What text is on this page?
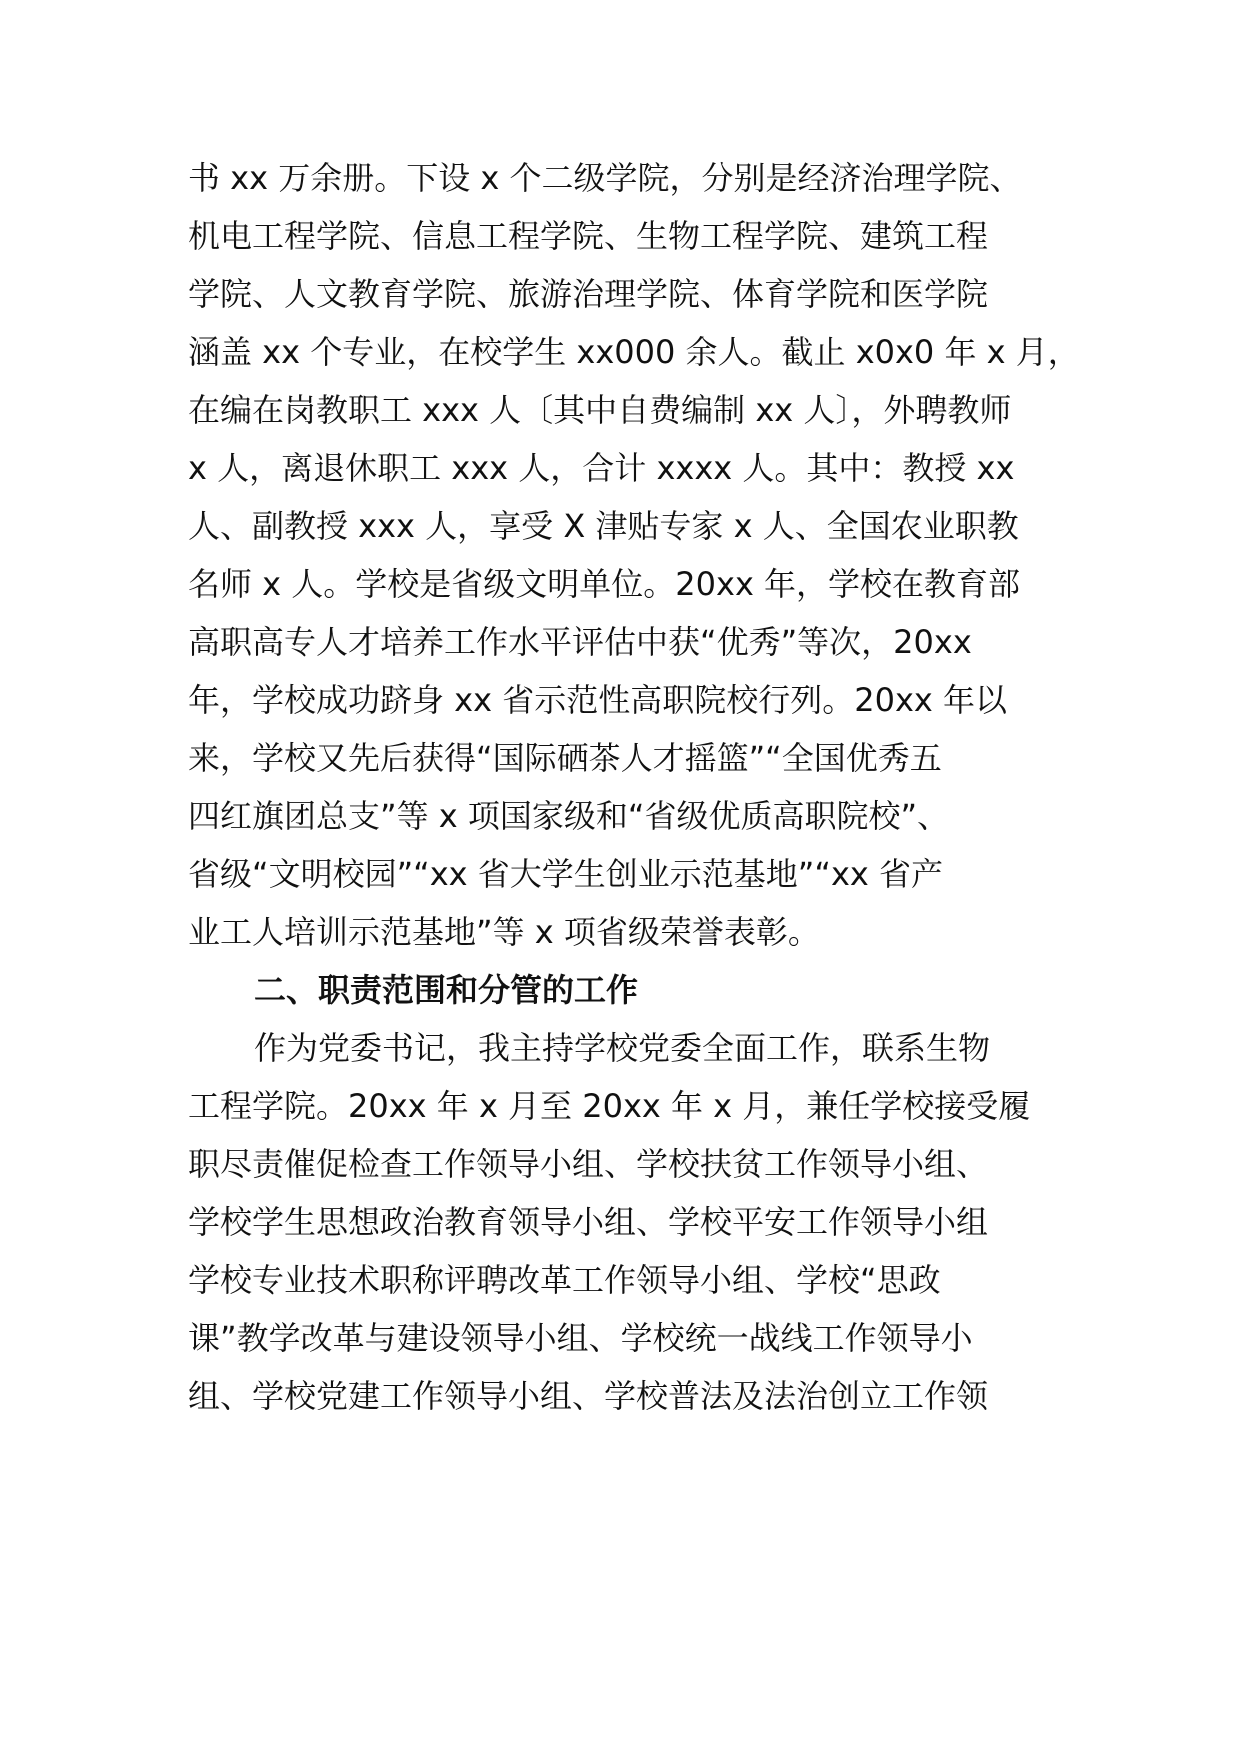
书 xx 万余册。下设 x 个二级学院，分别是经济治理学院、
机电工程学院、信息工程学院、生物工程学院、建筑工程
学院、人文教育学院、旅游治理学院、体育学院和医学院
涵盖 xx 个专业，在校学生 xx000 余人。截止 x0x0 年 x 月，
在编在岗教职工 xxx 人〔其中自费编制 xx 人〕，外聘教师
x 人，离退休职工 xxx 人，合计 xxxx 人。其中：教授 xx
人、副教授 xxx 人，享受 X 津贴专家 x 人、全国农业职教
名师 x 人。学校是省级文明单位。20xx 年，学校在教育部
高职高专人才培养工作水平评估中获“优秀”等次，20xx
年，学校成功跻身 xx 省示范性高职院校行列。20xx 年以
来，学校又先后获得“国际硒茶人才摇篮”“全国优秀五
四红旗团总支”等 x 项国家级和“省级优质高职院校”、
省级“文明校园”“xx 省大学生创业示范基地”“xx 省产
业工人培训示范基地”等 x 项省级荣誉表彰。
二、职责范围和分管的工作
作为党委书记，我主持学校党委全面工作，联系生物
工程学院。20xx 年 x 月至 20xx 年 x 月，兼任学校接受履
职尽责催促检查工作领导小组、学校扶贫工作领导小组、
学校学生思想政治教育领导小组、学校平安工作领导小组
学校专业技术职称评聘改革工作领导小组、学校“思政
课”教学改革与建设领导小组、学校统一战线工作领导小
组、学校党建工作领导小组、学校普法及法治创立工作领
